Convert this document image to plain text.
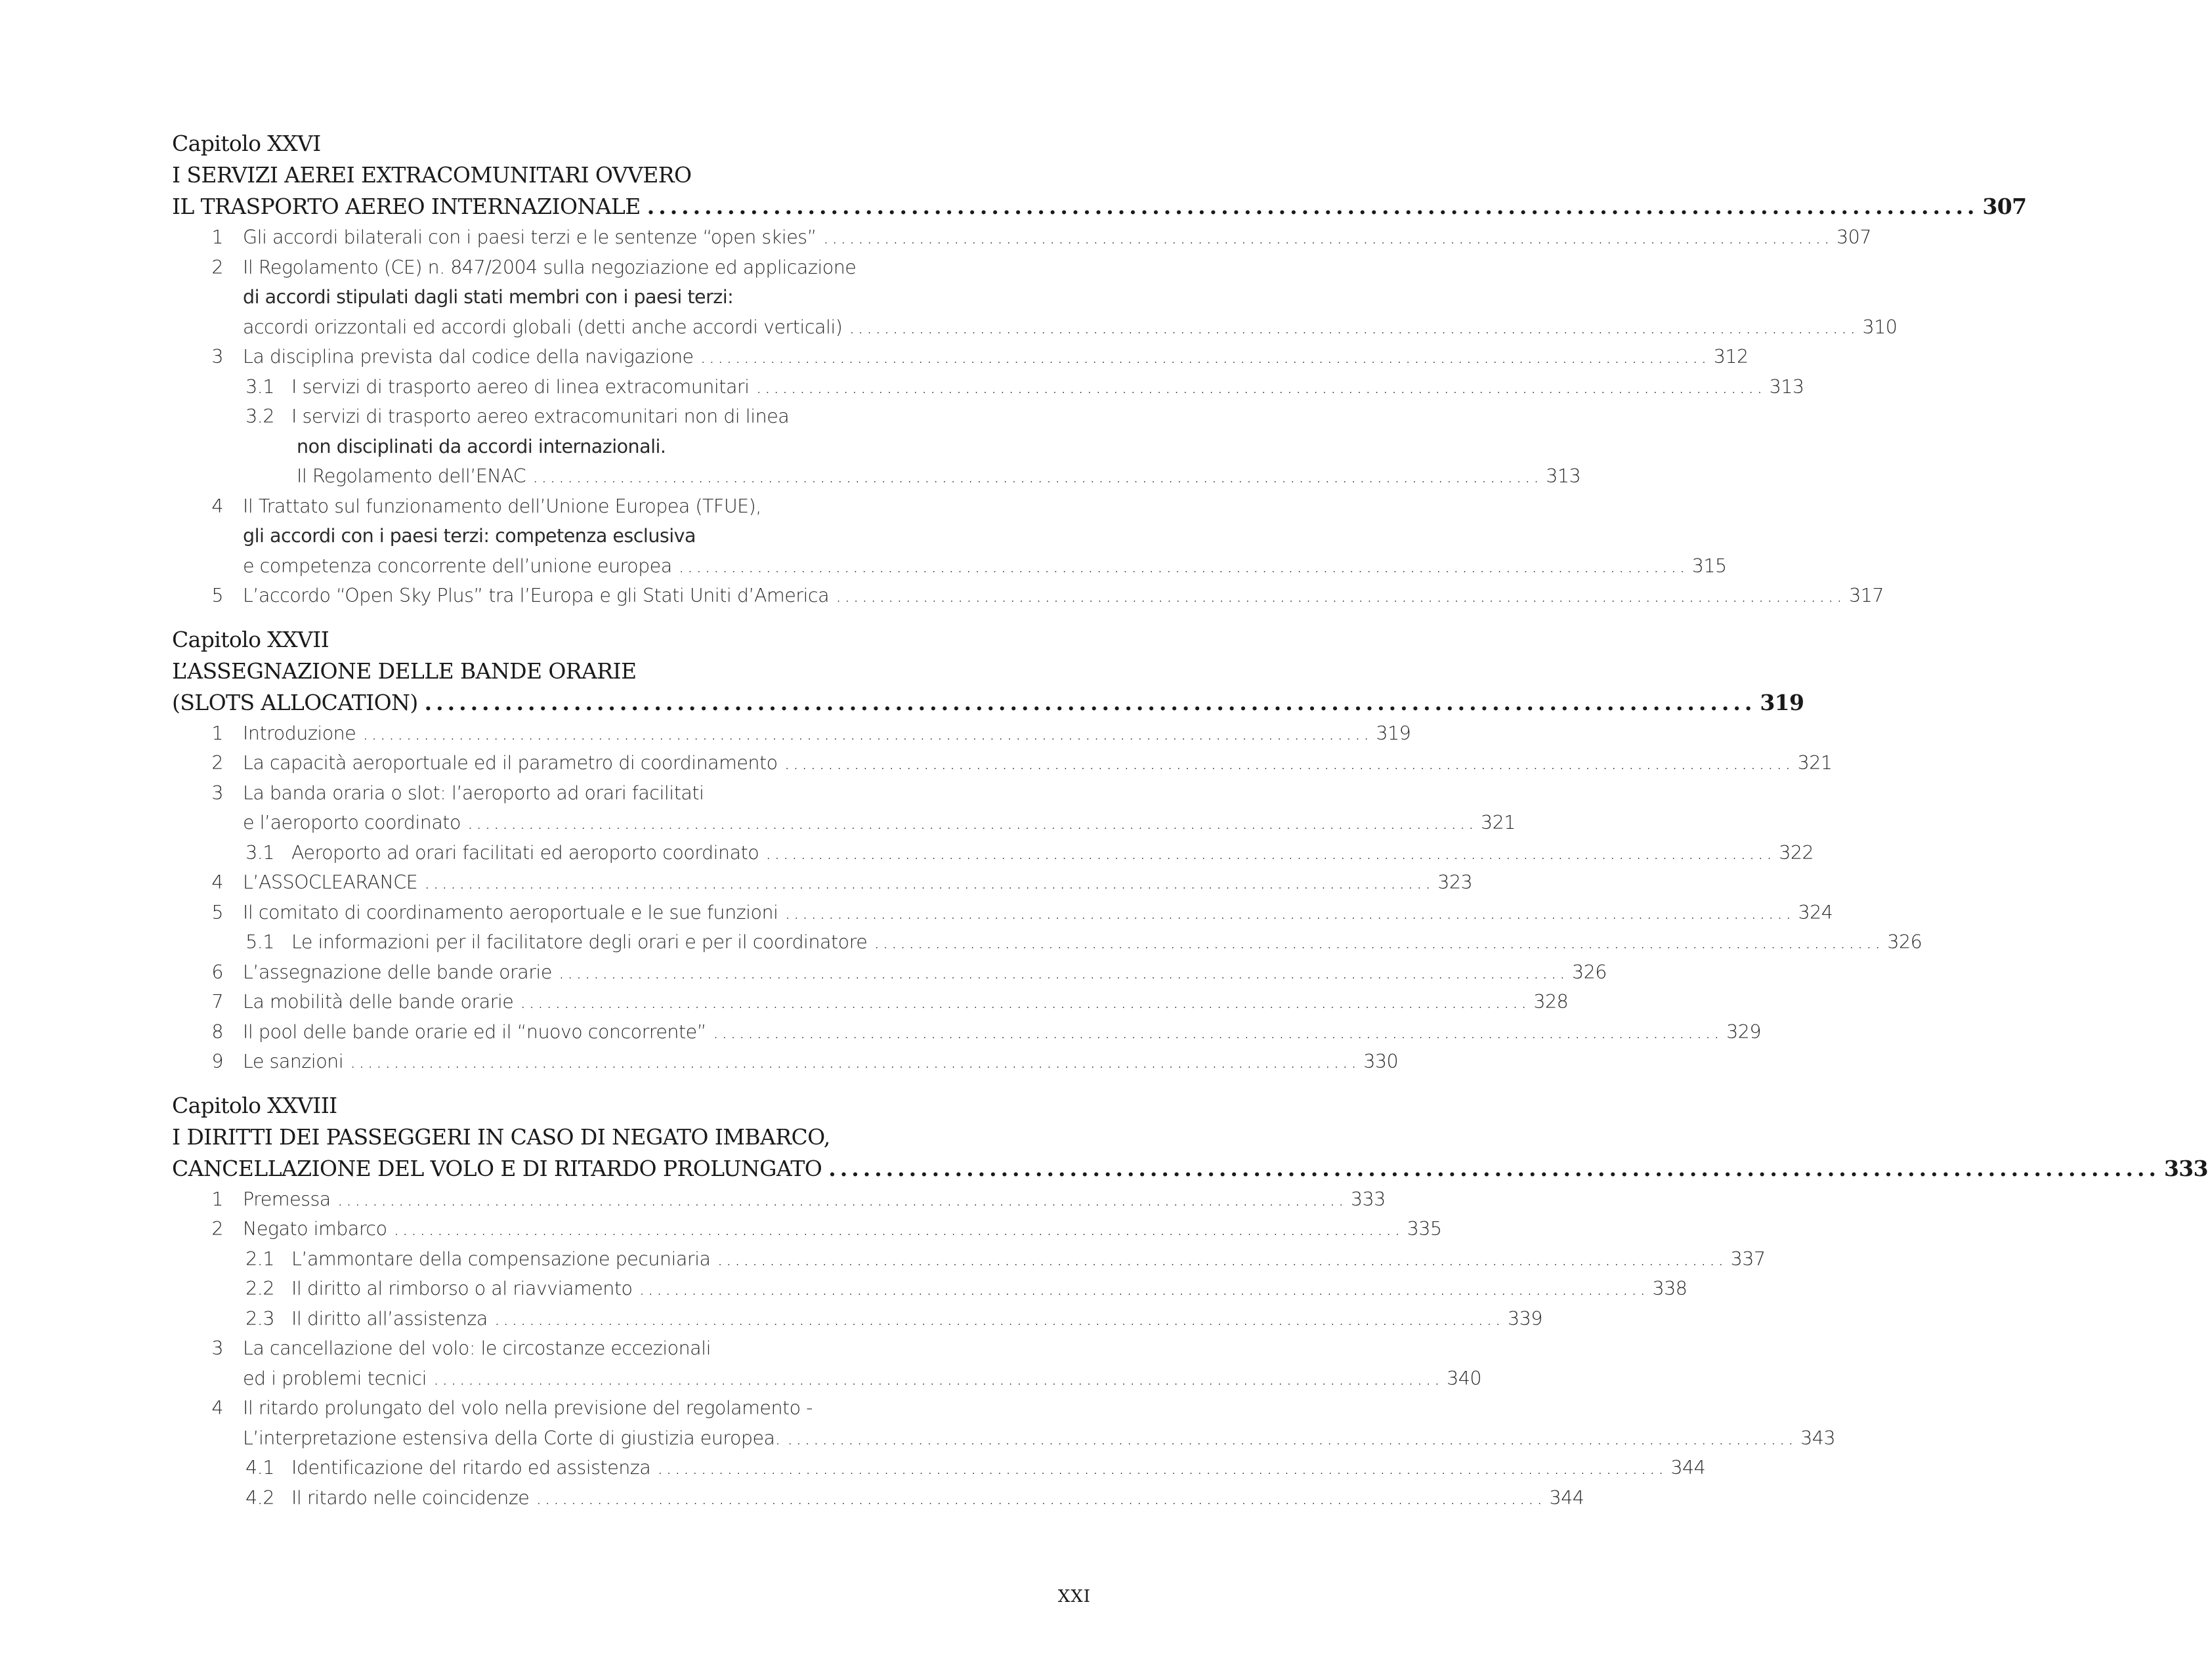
Capitolo XXVI
I SERVIZI AEREI EXTRACOMUNITARI OVVERO
IL TRASPORTO AEREO INTERNAZIONALE .................................................................................................................... 307
1 Gli accordi bilaterali con i paesi terzi e le sentenze “open skies” .................................................................................................................... 307
2 Il Regolamento (CE) n. 847/2004 sulla negoziazione ed applicazione
di accordi stipulati dagli stati membri con i paesi terzi:
accordi orizzontali ed accordi globali (detti anche accordi verticali) .................................................................................................................... 310
3 La disciplina prevista dal codice della navigazione .................................................................................................................... 312
3.1 I servizi di trasporto aereo di linea extracomunitari .................................................................................................................... 313
3.2 I servizi di trasporto aereo extracomunitari non di linea
non disciplinati da accordi internazionali.
Il Regolamento dell’ENAC .................................................................................................................... 313
4 Il Trattato sul funzionamento dell’Unione Europea (TFUE),
gli accordi con i paesi terzi: competenza esclusiva
e competenza concorrente dell’unione europea .................................................................................................................... 315
5 L’accordo “Open Sky Plus” tra l’Europa e gli Stati Uniti d’America .................................................................................................................... 317
Capitolo XXVII
L’ASSEGNAZIONE DELLE BANDE ORARIE
(SLOTS ALLOCATION) .................................................................................................................... 319
1 Introduzione .................................................................................................................... 319
2 La capacità aeroportuale ed il parametro di coordinamento .................................................................................................................... 321
3 La banda oraria o slot: l’aeroporto ad orari facilitati
e l’aeroporto coordinato .................................................................................................................... 321
3.1 Aeroporto ad orari facilitati ed aeroporto coordinato .................................................................................................................... 322
4 L’ASSOCLEARANCE .................................................................................................................... 323
5 Il comitato di coordinamento aeroportuale e le sue funzioni .................................................................................................................... 324
5.1 Le informazioni per il facilitatore degli orari e per il coordinatore .................................................................................................................... 326
6 L’assegnazione delle bande orarie .................................................................................................................... 326
7 La mobilità delle bande orarie .................................................................................................................... 328
8 Il pool delle bande orarie ed il “nuovo concorrente” .................................................................................................................... 329
9 Le sanzioni .................................................................................................................... 330
Capitolo XXVIII
I DIRITTI DEI PASSEGGERI IN CASO DI NEGATO IMBARCO,
CANCELLAZIONE DEL VOLO E DI RITARDO PROLUNGATO .................................................................................................................... 333
1 Premessa .................................................................................................................... 333
2 Negato imbarco .................................................................................................................... 335
2.1 L’ammontare della compensazione pecuniaria .................................................................................................................... 337
2.2 Il diritto al rimborso o al riavviamento .................................................................................................................... 338
2.3 Il diritto all’assistenza .................................................................................................................... 339
3 La cancellazione del volo: le circostanze eccezionali
ed i problemi tecnici .................................................................................................................... 340
4 Il ritardo prolungato del volo nella previsione del regolamento -
L’interpretazione estensiva della Corte di giustizia europea. .................................................................................................................... 343
4.1 Identificazione del ritardo ed assistenza .................................................................................................................... 344
4.2 Il ritardo nelle coincidenze .................................................................................................................... 344
XXI
